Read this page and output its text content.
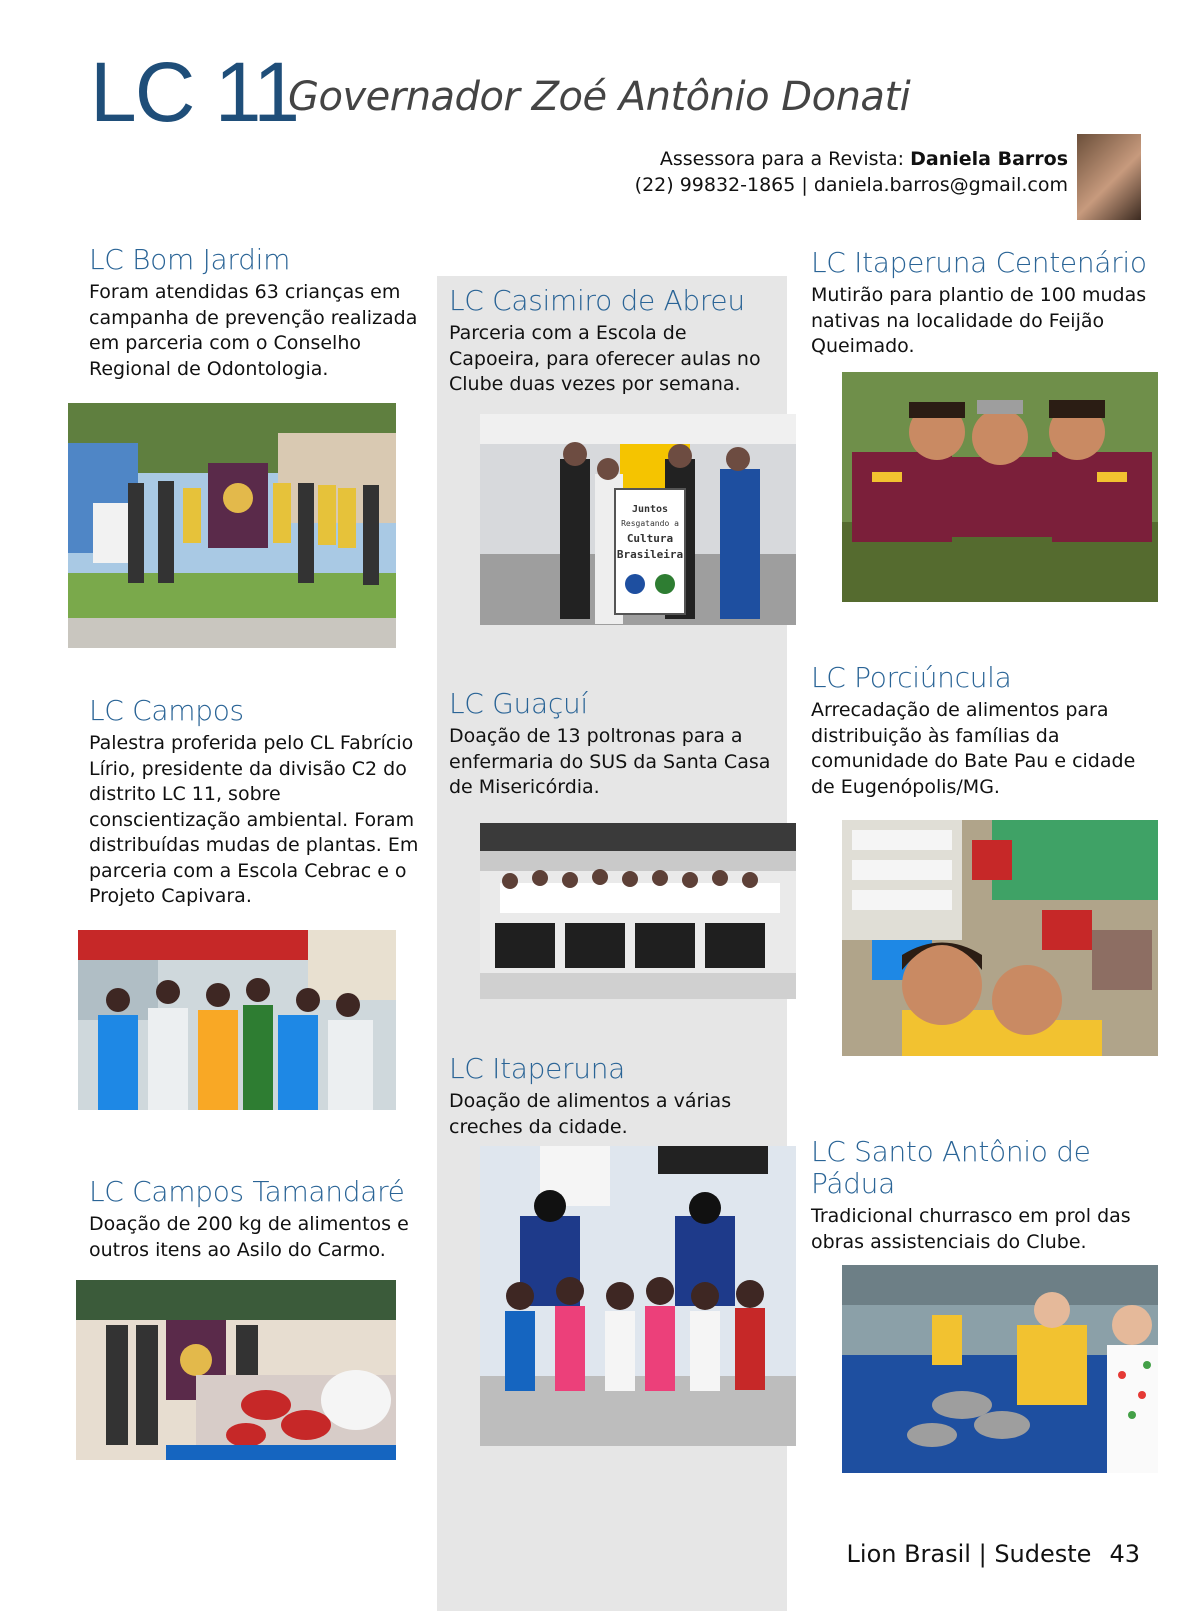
LC 11
Governador Zoé Antônio Donati
Assessora para a Revista: Daniela Barros
(22) 99832-1865 | daniela.barros@gmail.com
LC Bom Jardim

Foram atendidas 63 crianças em campanha de prevenção realizada em parceria com o Conselho Regional de Odontologia.

LC Campos

Palestra proferida pelo CL Fabrício Lírio, presidente da divisão C2 do distrito LC 11, sobre conscientização ambiental. Foram distribuídas mudas de plantas. Em parceria com a Escola Cebrac e o Projeto Capivara.

LC Campos Tamandaré

Doação de 200 kg de alimentos e outros itens ao Asilo do Carmo.

LC Casimiro de Abreu

Parceria com a Escola de Capoeira, para oferecer aulas no Clube duas vezes por semana.

Juntos
Resgatando a
Cultura
Brasileira
LC Guaçuí

Doação de 13 poltronas para a enfermaria do SUS da Santa Casa de Misericórdia.

LC Itaperuna

Doação de alimentos a várias creches da cidade.

LC Itaperuna Centenário

Mutirão para plantio de 100 mudas nativas na localidade do Feijão Queimado.

LC Porciúncula

Arrecadação de alimentos para distribuição às famílias da comunidade do Bate Pau e cidade de Eugenópolis/MG.

LC Santo Antônio de Pádua

Tradicional churrasco em prol das obras assistenciais do Clube.

Lion Brasil | Sudeste 43
